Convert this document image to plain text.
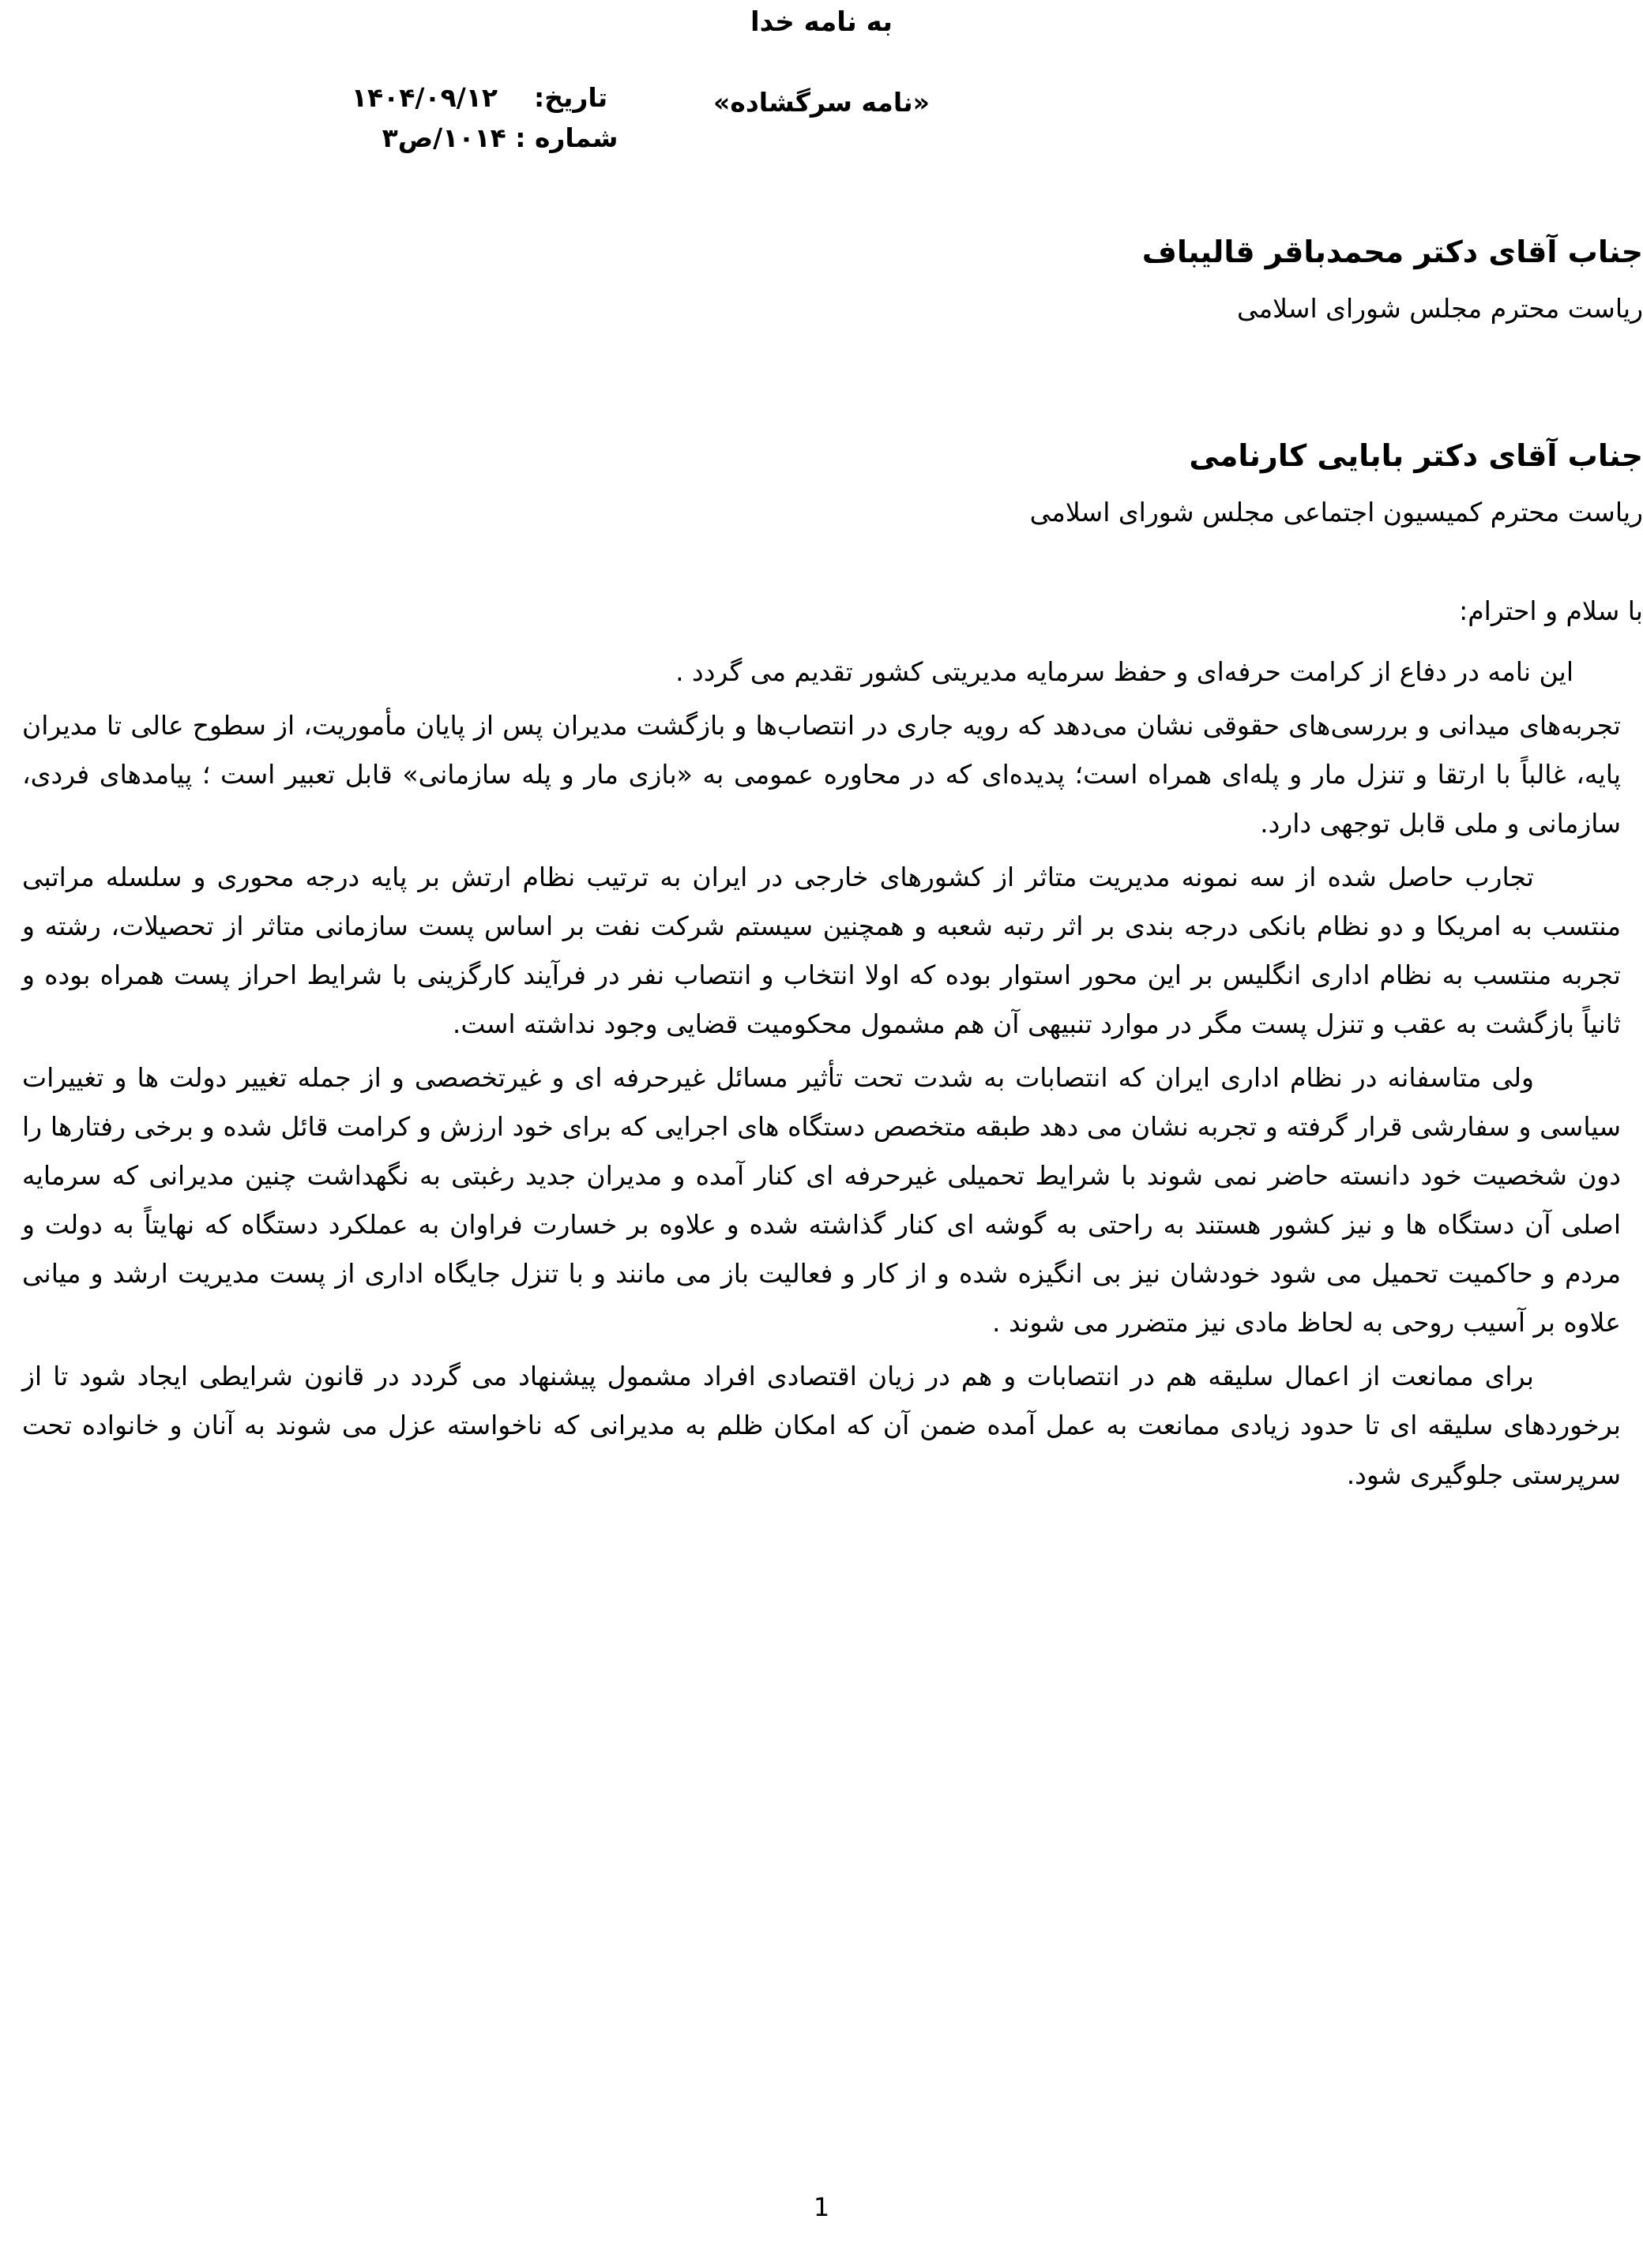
به نامه خدا
«نامه سرگشاده»
تاریخ:    ۱۴۰۴/۰۹/۱۲
شماره : ۱۰۱۴/ص۳
جناب آقای دکتر محمدباقر قالیباف
ریاست محترم مجلس شورای اسلامی
جناب آقای دکتر بابایی کارنامی
ریاست محترم کمیسیون اجتماعی مجلس شورای اسلامی
با سلام و احترام:

این نامه در دفاع از کرامت حرفه‌ای و حفظ سرمایه مدیریتی کشور تقدیم می گردد .

تجربه‌های میدانی و بررسی‌های حقوقی نشان می‌دهد که رویه جاری در انتصاب‌ها و بازگشت مدیران پس از پایان مأموریت، از سطوح عالی تا مدیران پایه، غالباً با ارتقا و تنزل مار و پله‌ای همراه است؛ پدیده‌ای که در محاوره عمومی به «بازی مار و پله سازمانی» قابل تعبیر است ؛ پیامدهای فردی، سازمانی و ملی قابل توجهی دارد.

تجارب حاصل شده از سه نمونه مدیریت متاثر از کشورهای خارجی در ایران به ترتیب نظام ارتش بر پایه درجه محوری و سلسله مراتبی منتسب به امریکا و دو نظام بانکی درجه بندی بر اثر رتبه شعبه و همچنین سیستم شرکت نفت بر اساس پست سازمانی متاثر از تحصیلات، رشته و تجربه منتسب به نظام اداری انگلیس بر این محور استوار بوده که اولا انتخاب و انتصاب نفر در فرآیند کارگزینی با شرایط احراز پست همراه بوده و ثانیاً بازگشت به عقب و تنزل پست مگر در موارد تنبیهی آن هم مشمول محکومیت قضایی وجود نداشته است.

ولی متاسفانه در نظام اداری ایران که انتصابات به شدت تحت تأثیر مسائل غیرحرفه ای و غیرتخصصی و از جمله تغییر دولت ها و تغییرات سیاسی و سفارشی قرار گرفته و تجربه نشان می دهد طبقه متخصص دستگاه های اجرایی که برای خود ارزش و کرامت قائل شده و برخی رفتارها را دون شخصیت خود دانسته حاضر نمی شوند با شرایط تحمیلی غیرحرفه ای کنار آمده و مدیران جدید رغبتی به نگهداشت چنین مدیرانی که سرمایه اصلی آن دستگاه ها و نیز کشور هستند به راحتی به گوشه ای کنار گذاشته شده و علاوه بر خسارت فراوان به عملکرد دستگاه که نهایتاً به دولت و مردم و حاکمیت تحمیل می شود خودشان نیز بی انگیزه شده و از کار و فعالیت باز می مانند و با تنزل جایگاه اداری از پست مدیریت ارشد و میانی علاوه بر آسیب روحی به لحاظ مادی نیز متضرر می شوند .

برای ممانعت از اعمال سلیقه هم در انتصابات و هم در زیان اقتصادی افراد مشمول پیشنهاد می گردد در قانون شرایطی ایجاد شود تا از برخوردهای سلیقه ای تا حدود زیادی ممانعت به عمل آمده ضمن آن که امکان ظلم به مدیرانی که ناخواسته عزل می شوند به آنان و خانواده تحت سرپرستی جلوگیری شود.

1
